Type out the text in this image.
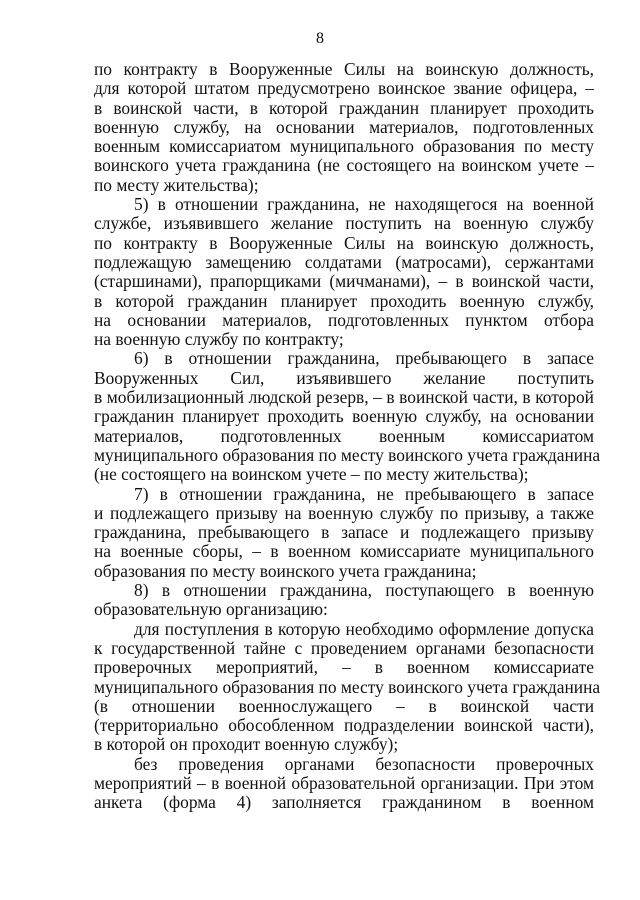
8
по контракту в Вооруженные Силы на воинскую должность,
для которой штатом предусмотрено воинское звание офицера, –
в воинской части, в которой гражданин планирует проходить
военную службу, на основании материалов, подготовленных
военным комиссариатом муниципального образования по месту
воинского учета гражданина (не состоящего на воинском учете –
по месту жительства);
5) в отношении гражданина, не находящегося на военной
службе, изъявившего желание поступить на военную службу
по контракту в Вооруженные Силы на воинскую должность,
подлежащую замещению солдатами (матросами), сержантами
(старшинами), прапорщиками (мичманами), – в воинской части,
в которой гражданин планирует проходить военную службу,
на основании материалов, подготовленных пунктом отбора
на военную службу по контракту;
6) в отношении гражданина, пребывающего в запасе
Вооруженных Сил, изъявившего желание поступить
в мобилизационный людской резерв, – в воинской части, в которой
гражданин планирует проходить военную службу, на основании
материалов, подготовленных военным комиссариатом
муниципального образования по месту воинского учета гражданина
(не состоящего на воинском учете – по месту жительства);
7) в отношении гражданина, не пребывающего в запасе
и подлежащего призыву на военную службу по призыву, а также
гражданина, пребывающего в запасе и подлежащего призыву
на военные сборы, – в военном комиссариате муниципального
образования по месту воинского учета гражданина;
8) в отношении гражданина, поступающего в военную
образовательную организацию:
для поступления в которую необходимо оформление допуска
к государственной тайне с проведением органами безопасности
проверочных мероприятий, – в военном комиссариате
муниципального образования по месту воинского учета гражданина
(в отношении военнослужащего – в воинской части
(территориально обособленном подразделении воинской части),
в которой он проходит военную службу);
без проведения органами безопасности проверочных
мероприятий – в военной образовательной организации. При этом
анкета (форма 4) заполняется гражданином в военном
